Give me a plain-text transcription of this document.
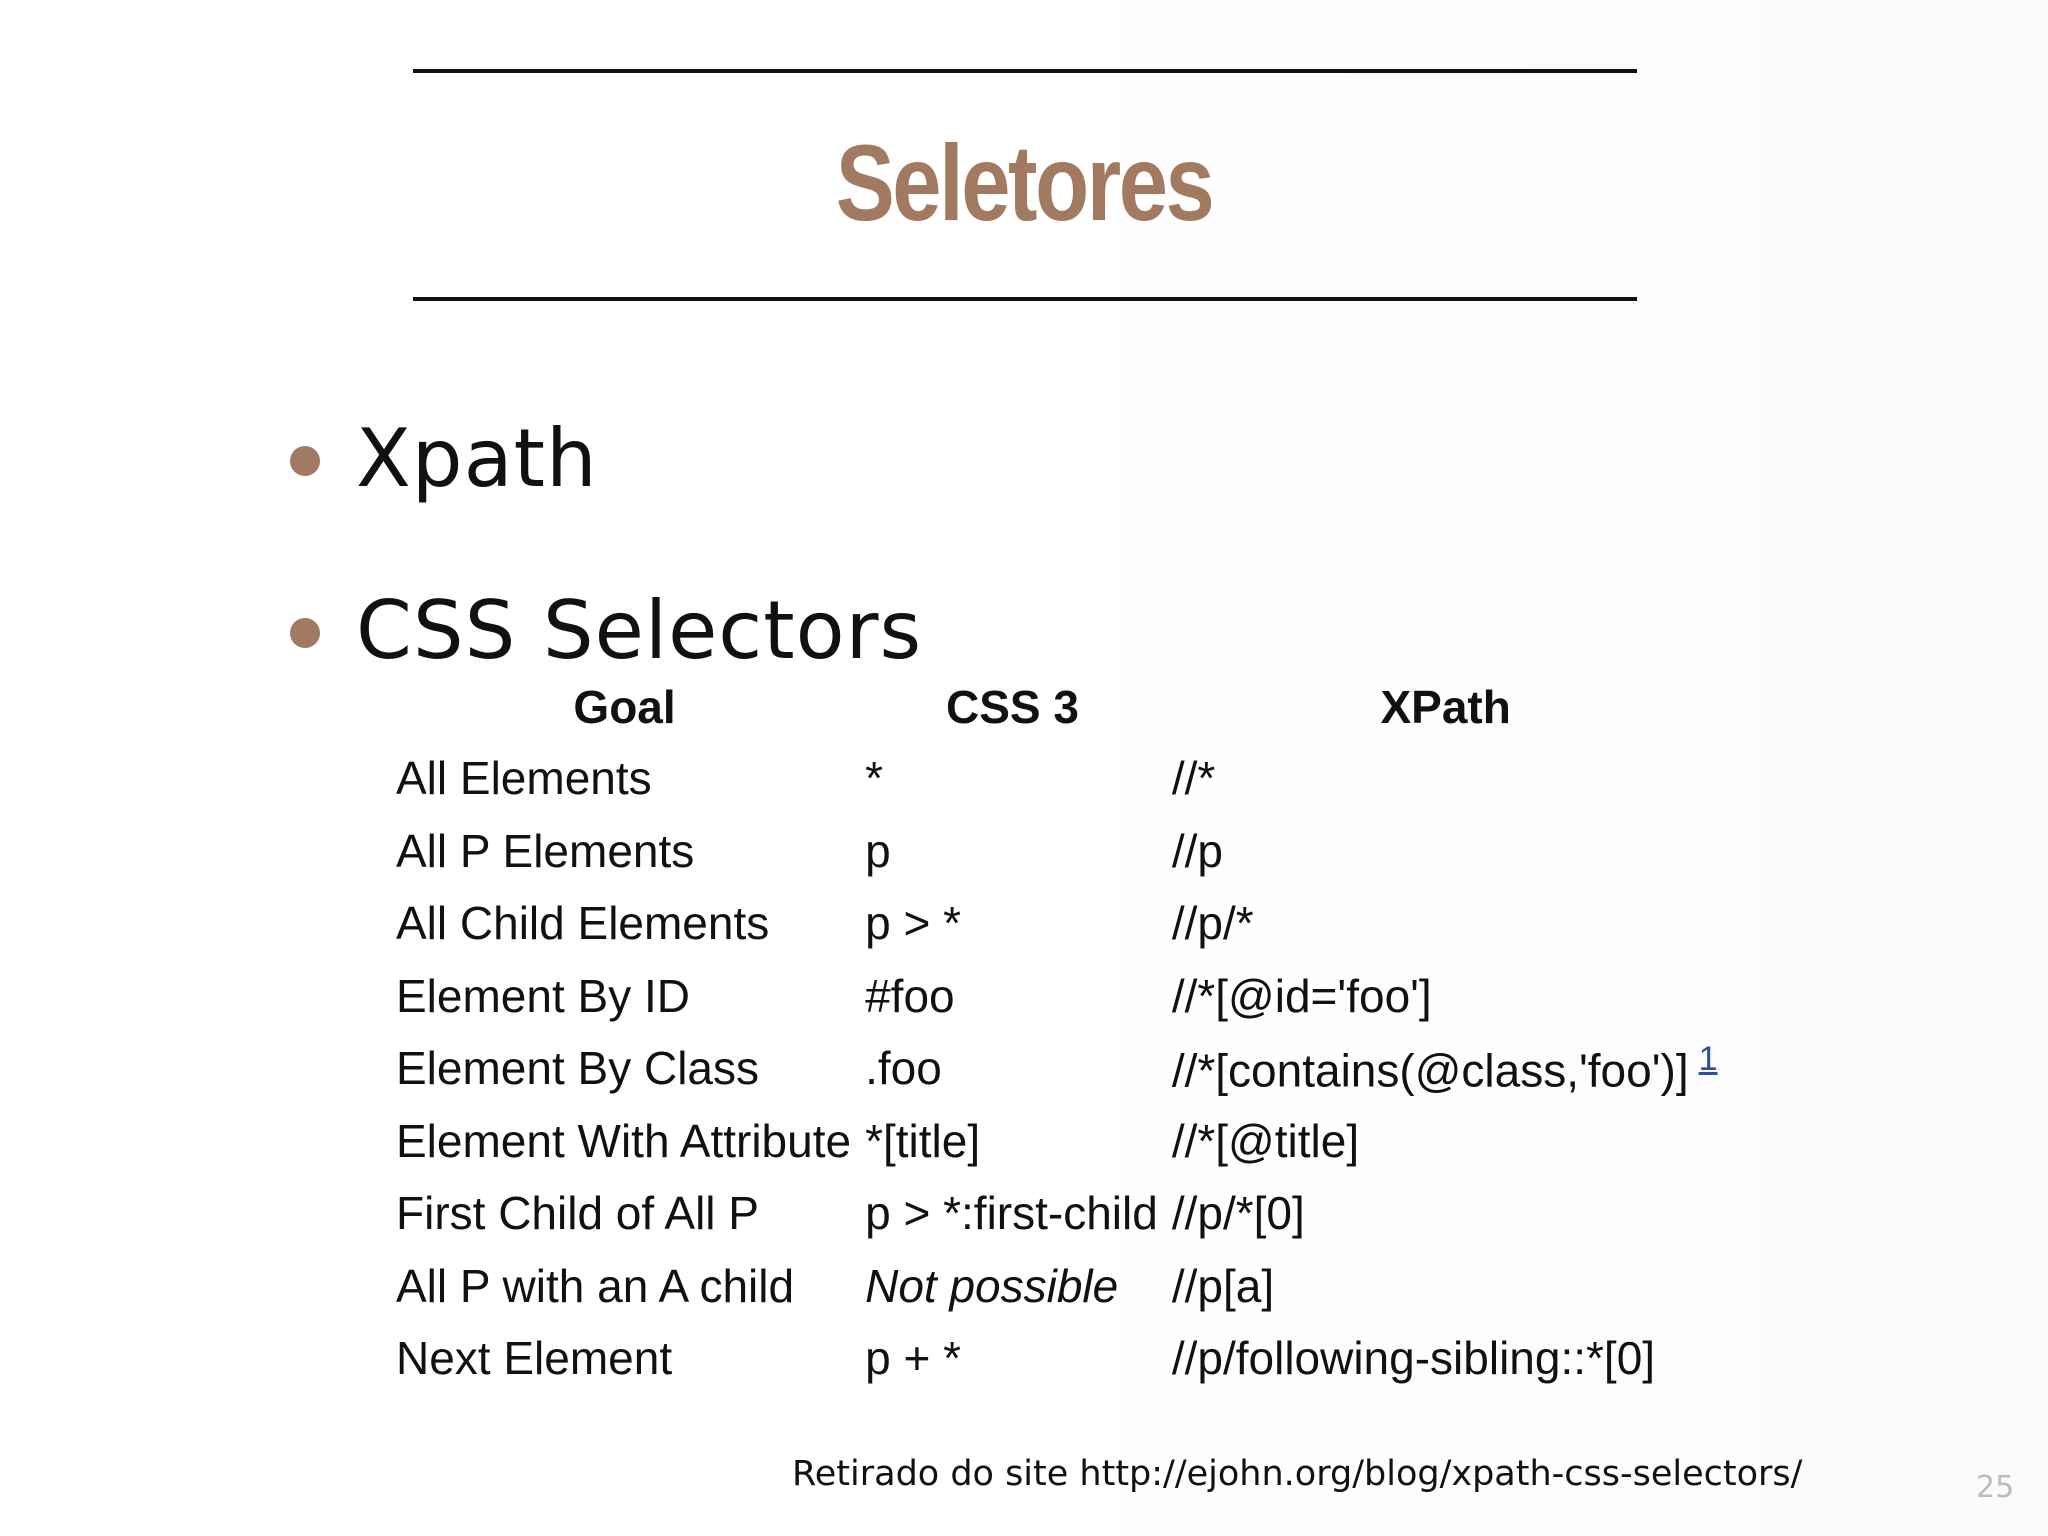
Seletores
Xpath
CSS Selectors
Goal	CSS 3	XPath
All Elements	*	//*
All P Elements	p	//p
All Child Elements	p > *	//p/*
Element By ID	#foo	//*[@id='foo']
Element By Class	.foo	//*[contains(@class,'foo')] $^1$
Element With Attribute	*[title]	//*[@title]
First Child of All P	p > *:first-child	//p/*[0]
All P with an A child	Not possible	//p[a]
Next Element	p + *	//p/following-sibling::*[0]
Retirado do site http://ejohn.org/blog/xpath-css-selectors/	25
